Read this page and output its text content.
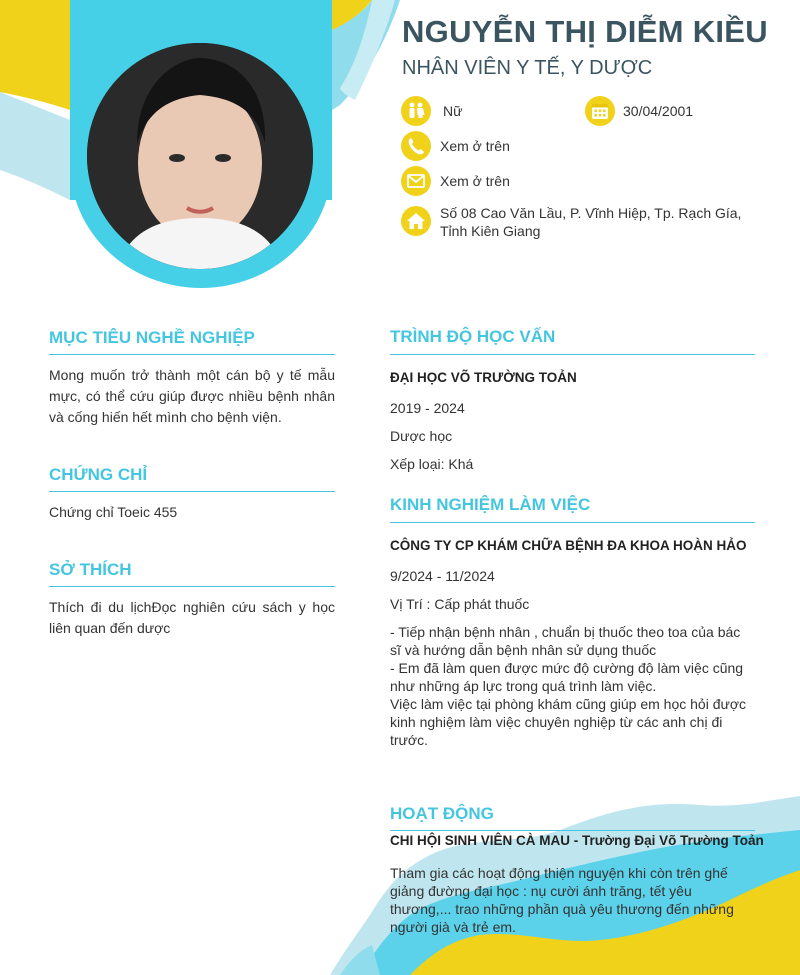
NGUYỄN THỊ DIỄM KIỀU
NHÂN VIÊN Y TẾ, Y DƯỢC
Nữ	30/04/2001
Xem ở trên
Xem ở trên
Số 08 Cao Văn Lầu, P. Vĩnh Hiệp, Tp. Rạch Gía, Tỉnh Kiên Giang
MỤC TIÊU NGHỀ NGHIỆP
Mong muốn trở thành một cán bộ y tế mẫu mực, có thể cứu giúp được nhiều bệnh nhân và cống hiến hết mình cho bệnh viện.
CHỨNG CHỈ
Chứng chỉ Toeic 455
SỞ THÍCH
Thích đi du lịchĐọc nghiên cứu sách y học liên quan đến dược
TRÌNH ĐỘ HỌC VẤN
ĐẠI HỌC VÕ TRƯỜNG TOẢN
2019 - 2024
Dược học
Xếp loại: Khá
KINH NGHIỆM LÀM VIỆC
CÔNG TY CP KHÁM CHỮA BỆNH ĐA KHOA HOÀN HẢO
9/2024 - 11/2024
Vị Trí : Cấp phát thuốc
- Tiếp nhận bệnh nhân , chuẩn bị thuốc theo toa của bác sĩ và hướng dẫn bệnh nhân sử dụng thuốc
- Em đã làm quen được mức độ cường độ làm việc cũng như những áp lực trong quá trình làm việc.
Việc làm việc tại phòng khám cũng giúp em học hỏi được kinh nghiệm làm việc chuyên nghiệp từ các anh chị đi trước.
HOẠT ĐỘNG
CHI HỘI SINH VIÊN CÀ MAU - Trường Đại Võ Trường Toản
Tham gia các hoạt động thiện nguyện khi còn trên ghế giảng đường đại học : nụ cười ánh trăng, tết yêu thương,... trao những phần quà yêu thương đến những người già và trẻ em.
